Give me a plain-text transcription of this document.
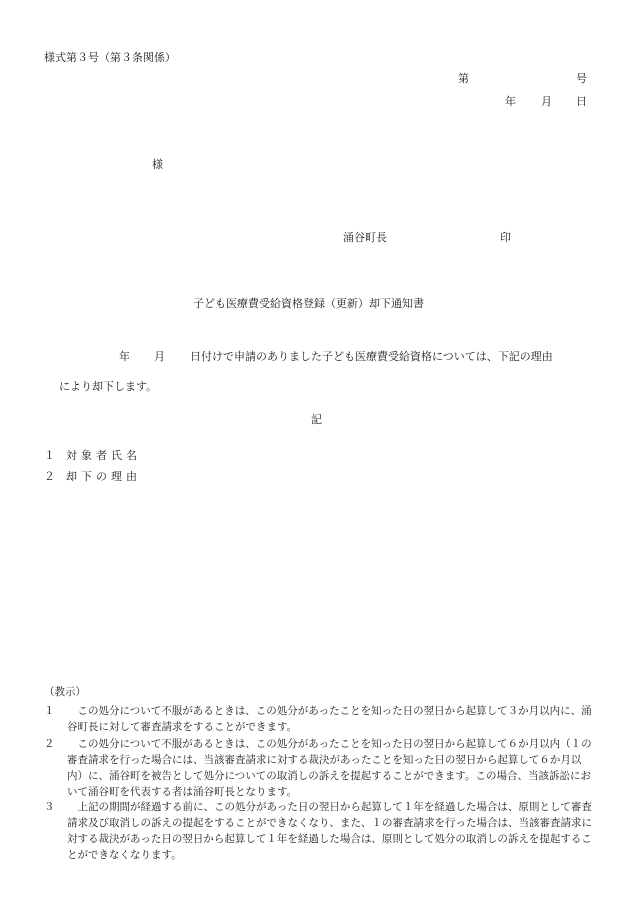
様式第３号（第３条関係）
第	号
年 月 日
様
涌谷町長	印
子ども医療費受給資格登録（更新）却下通知書
年 月 日付けで申請のありました子ども医療費受給資格については、下記の理由
により却下します。
記
１ 対象者氏名
２ 却下の理由
（教示）
１	　この処分について不服があるときは、この処分があったことを知った日の翌日から起算して３か月以内に、涌谷町長に対して審査請求をすることができます。
２	　この処分について不服があるときは、この処分があったことを知った日の翌日から起算して６か月以内（１の審査請求を行った場合には、当該審査請求に対する裁決があったことを知った日の翌日から起算して６か月以内）に、涌谷町を被告として処分についての取消しの訴えを提起することができます。この場合、当該訴訟において涌谷町を代表する者は涌谷町長となります。
３	　上記の期間が経過する前に、この処分があった日の翌日から起算して１年を経過した場合は、原則として審査請求及び取消しの訴えの提起をすることができなくなり、また、１の審査請求を行った場合は、当該審査請求に対する裁決があった日の翌日から起算して１年を経過した場合は、原則として処分の取消しの訴えを提起することができなくなります。
